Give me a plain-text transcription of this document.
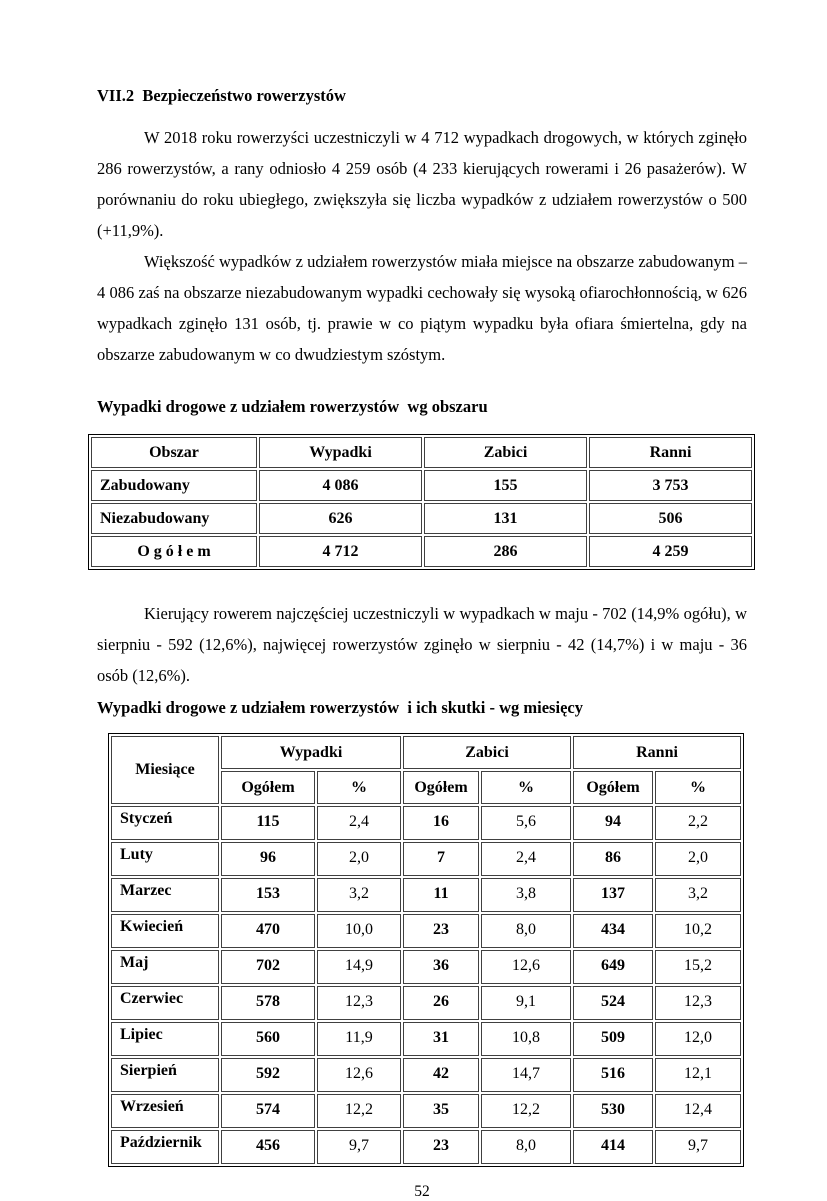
VII.2  Bezpieczeństwo rowerzystów

W 2018 roku rowerzyści uczestniczyli w 4 712 wypadkach drogowych, w których zginęło 286 rowerzystów, a rany odniosło 4 259 osób (4 233 kierujących rowerami i 26 pasażerów). W porównaniu do roku ubiegłego, zwiększyła się liczba wypadków z udziałem rowerzystów o 500 (+11,9%).

Większość wypadków z udziałem rowerzystów miała miejsce na obszarze zabudowanym – 4 086 zaś na obszarze niezabudowanym wypadki cechowały się wysoką ofiarochłonnością, w 626 wypadkach zginęło 131 osób, tj. prawie w co piątym wypadku była ofiara śmiertelna, gdy na obszarze zabudowanym w co dwudziestym szóstym.

Wypadki drogowe z udziałem rowerzystów  wg obszaru

Obszar	Wypadki	Zabici	Ranni
Zabudowany	4 086	155	3 753
Niezabudowany	626	131	506
O g ó ł e m	4 712	286	4 259

Kierujący rowerem najczęściej uczestniczyli w wypadkach w maju - 702 (14,9% ogółu), w sierpniu - 592 (12,6%), najwięcej rowerzystów zginęło w sierpniu - 42 (14,7%) i w maju - 36 osób (12,6%).

Wypadki drogowe z udziałem rowerzystów  i ich skutki - wg miesięcy

Miesiące	Wypadki		Zabici		Ranni	
	Ogółem	%	Ogółem	%	Ogółem	%
Styczeń	115	2,4	16	5,6	94	2,2
Luty	96	2,0	7	2,4	86	2,0
Marzec	153	3,2	11	3,8	137	3,2
Kwiecień	470	10,0	23	8,0	434	10,2
Maj	702	14,9	36	12,6	649	15,2
Czerwiec	578	12,3	26	9,1	524	12,3
Lipiec	560	11,9	31	10,8	509	12,0
Sierpień	592	12,6	42	14,7	516	12,1
Wrzesień	574	12,2	35	12,2	530	12,4
Październik	456	9,7	23	8,0	414	9,7
52
